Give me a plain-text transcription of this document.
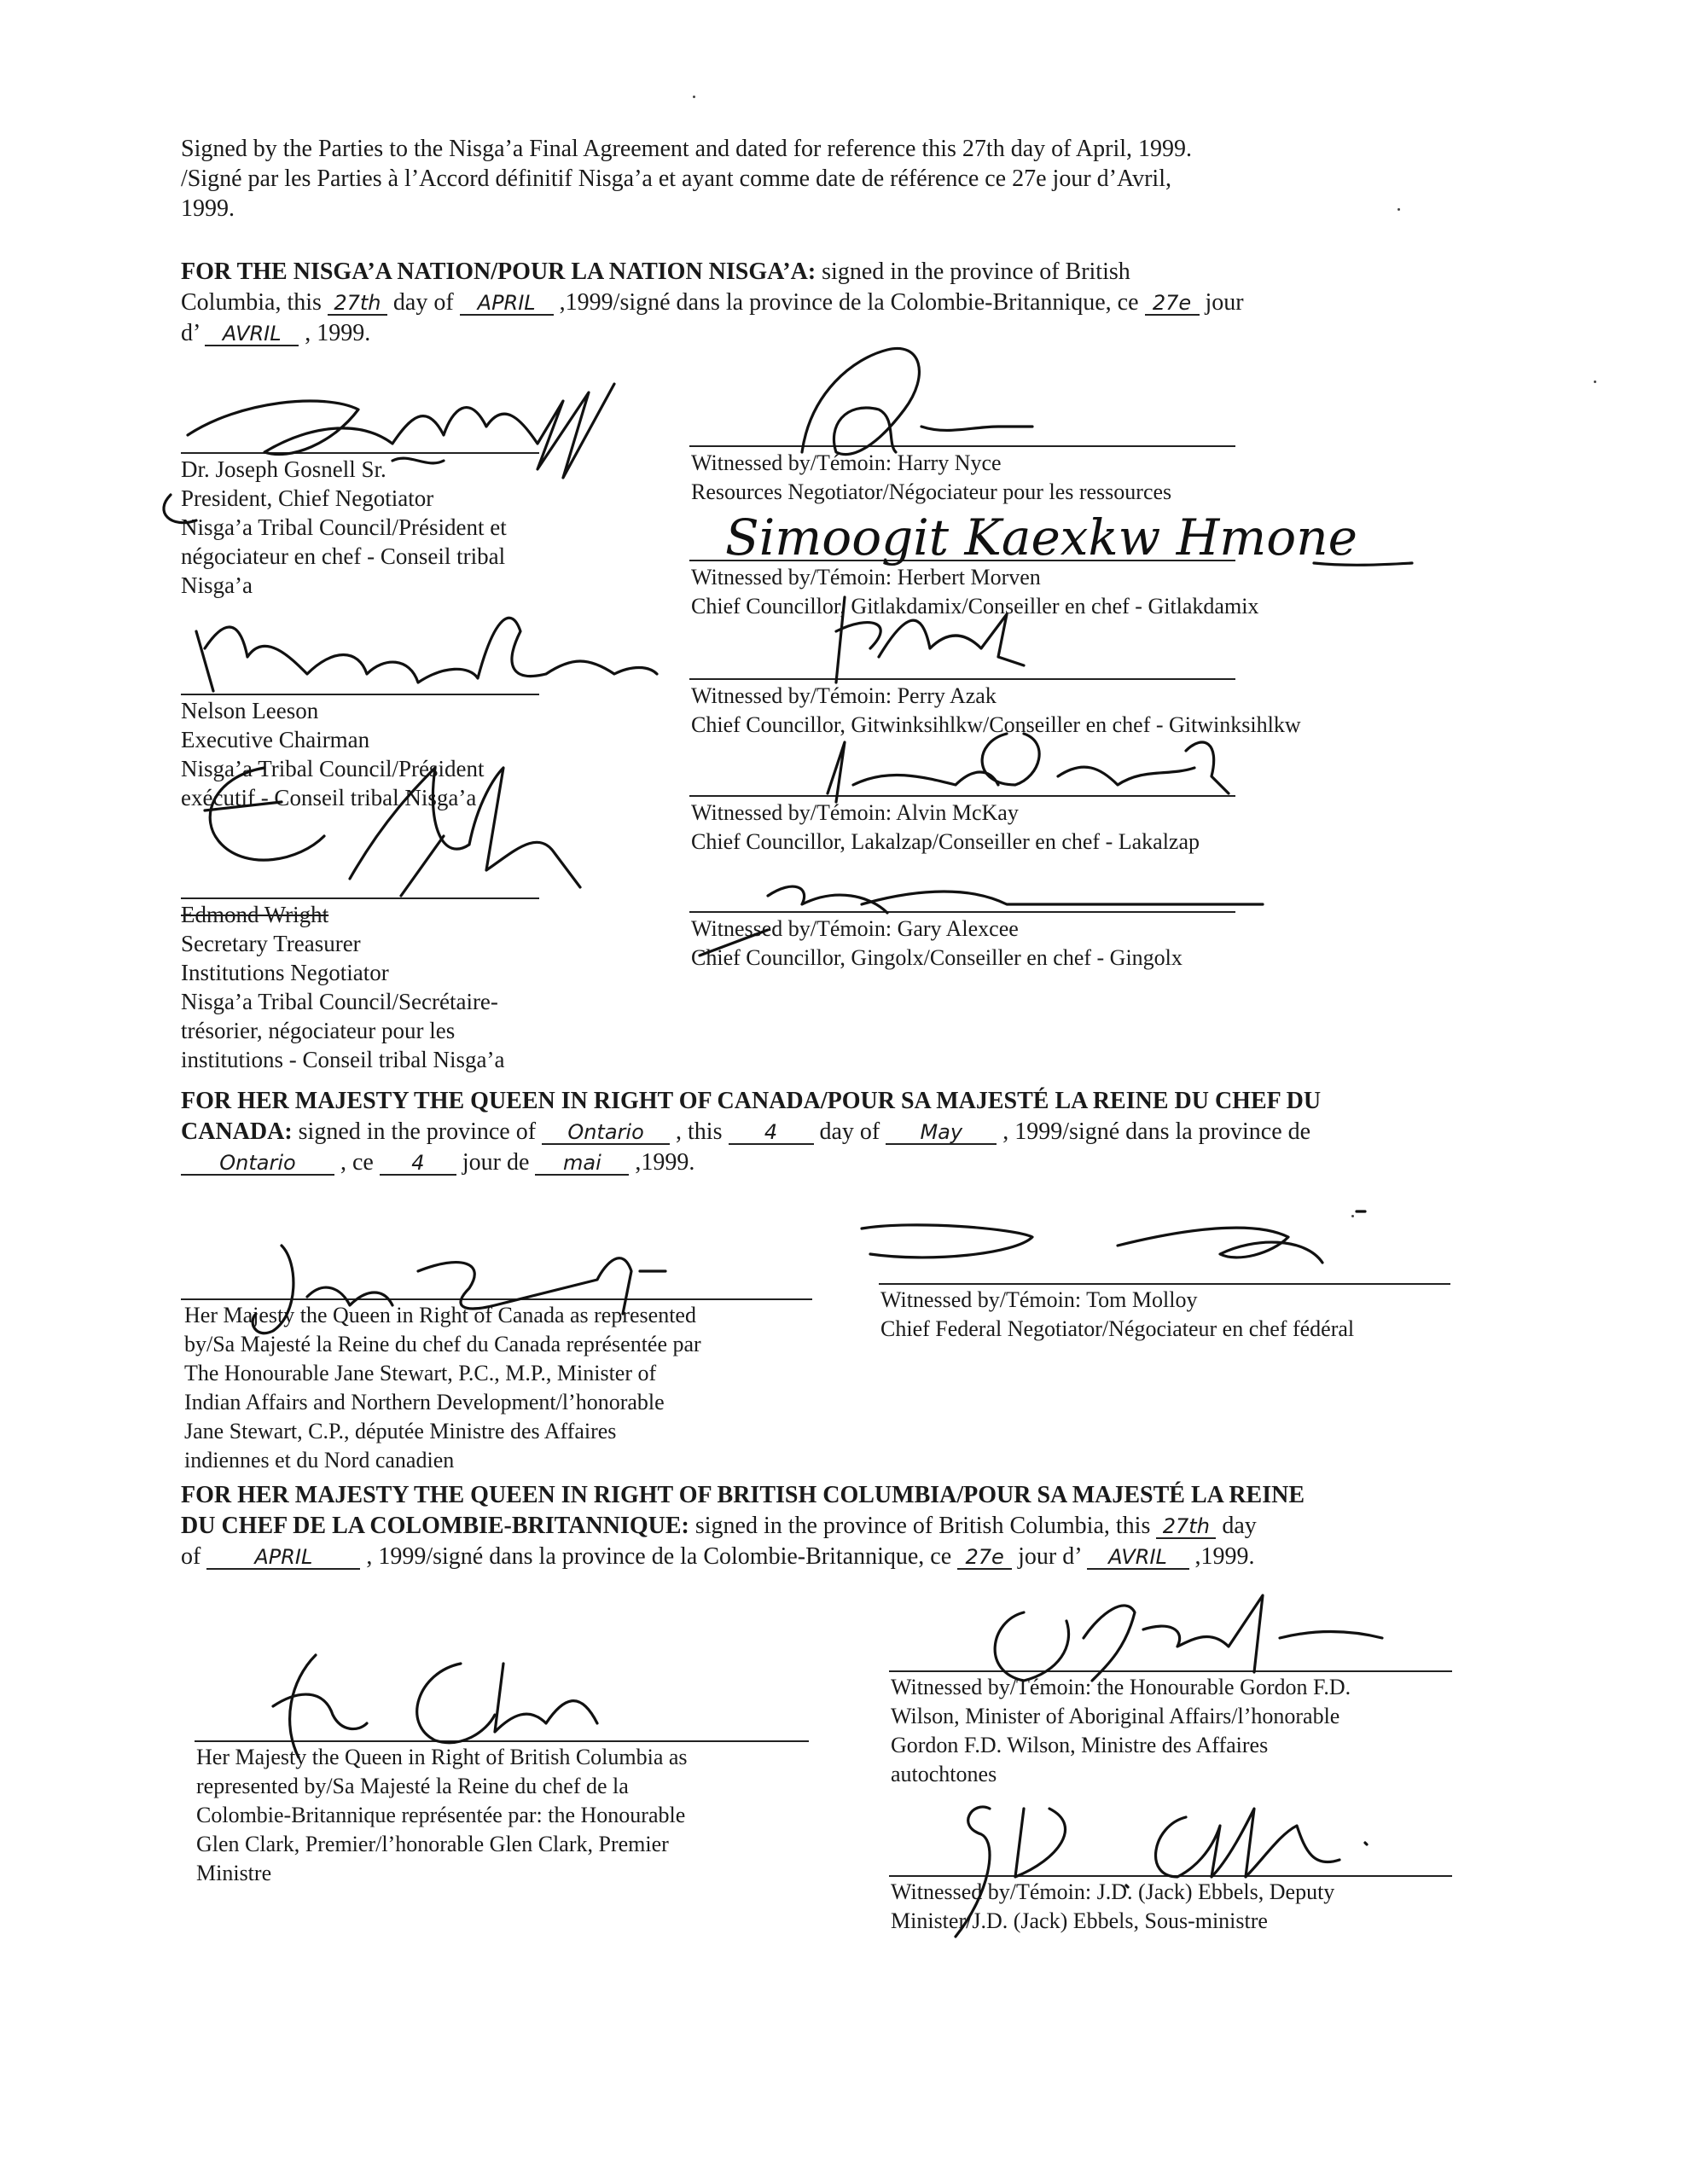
Signed by the Parties to the Nisga’a Final Agreement and dated for reference this 27th day of April, 1999.
/Signé par les Parties à l’Accord définitif Nisga’a et ayant comme date de référence ce 27e jour d’Avril,
1999.
FOR THE NISGA’A NATION/POUR LA NATION NISGA’A: signed in the province of British
Columbia, this 27th day of APRIL ,1999/signé dans la province de la Colombie-Britannique, ce 27e jour
d’ AVRIL , 1999.
Dr. Joseph Gosnell Sr.
President, Chief Negotiator
Nisga’a Tribal Council/Président et
négociateur en chef - Conseil tribal
Nisga’a
Nelson Leeson
Executive Chairman
Nisga’a Tribal Council/Président
exécutif - Conseil tribal Nisga’a
Edmond Wright
Secretary Treasurer
Institutions Negotiator
Nisga’a Tribal Council/Secrétaire-
trésorier, négociateur pour les
institutions - Conseil tribal Nisga’a
Witnessed by/Témoin: Harry Nyce
Resources Negotiator/Négociateur pour les ressources
Witnessed by/Témoin: Herbert Morven
Chief Councillor, Gitlakdamix/Conseiller en chef - Gitlakdamix
Witnessed by/Témoin: Perry Azak
Chief Councillor, Gitwinksihlkw/Conseiller en chef - Gitwinksihlkw
Witnessed by/Témoin: Alvin McKay
Chief Councillor, Lakalzap/Conseiller en chef - Lakalzap
Witnessed by/Témoin: Gary Alexcee
Chief Councillor, Gingolx/Conseiller en chef - Gingolx
Simoogit Kaexkw Hmone
FOR HER MAJESTY THE QUEEN IN RIGHT OF CANADA/POUR SA MAJESTÉ LA REINE DU CHEF DU
CANADA: signed in the province of Ontario , this 4 day of May , 1999/signé dans la province de
Ontario , ce 4 jour de mai ,1999.
Her Majesty the Queen in Right of Canada as represented
by/Sa Majesté la Reine du chef du Canada représentée par
The Honourable Jane Stewart, P.C., M.P., Minister of
Indian Affairs and Northern Development/l’honorable
Jane Stewart, C.P., députée Ministre des Affaires
indiennes et du Nord canadien
Witnessed by/Témoin: Tom Molloy
Chief Federal Negotiator/Négociateur en chef fédéral
FOR HER MAJESTY THE QUEEN IN RIGHT OF BRITISH COLUMBIA/POUR SA MAJESTÉ LA REINE
DU CHEF DE LA COLOMBIE-BRITANNIQUE: signed in the province of British Columbia, this 27th day
of APRIL , 1999/signé dans la province de la Colombie-Britannique, ce 27e jour d’ AVRIL ,1999.
Her Majesty the Queen in Right of British Columbia as
represented by/Sa Majesté la Reine du chef de la
Colombie-Britannique représentée par: the Honourable
Glen Clark, Premier/l’honorable Glen Clark, Premier
Ministre
Witnessed by/Témoin: the Honourable Gordon F.D.
Wilson, Minister of Aboriginal Affairs/l’honorable
Gordon F.D. Wilson, Ministre des Affaires
autochtones
Witnessed by/Témoin: J.D. (Jack) Ebbels, Deputy
Minister/J.D. (Jack) Ebbels, Sous-ministre
